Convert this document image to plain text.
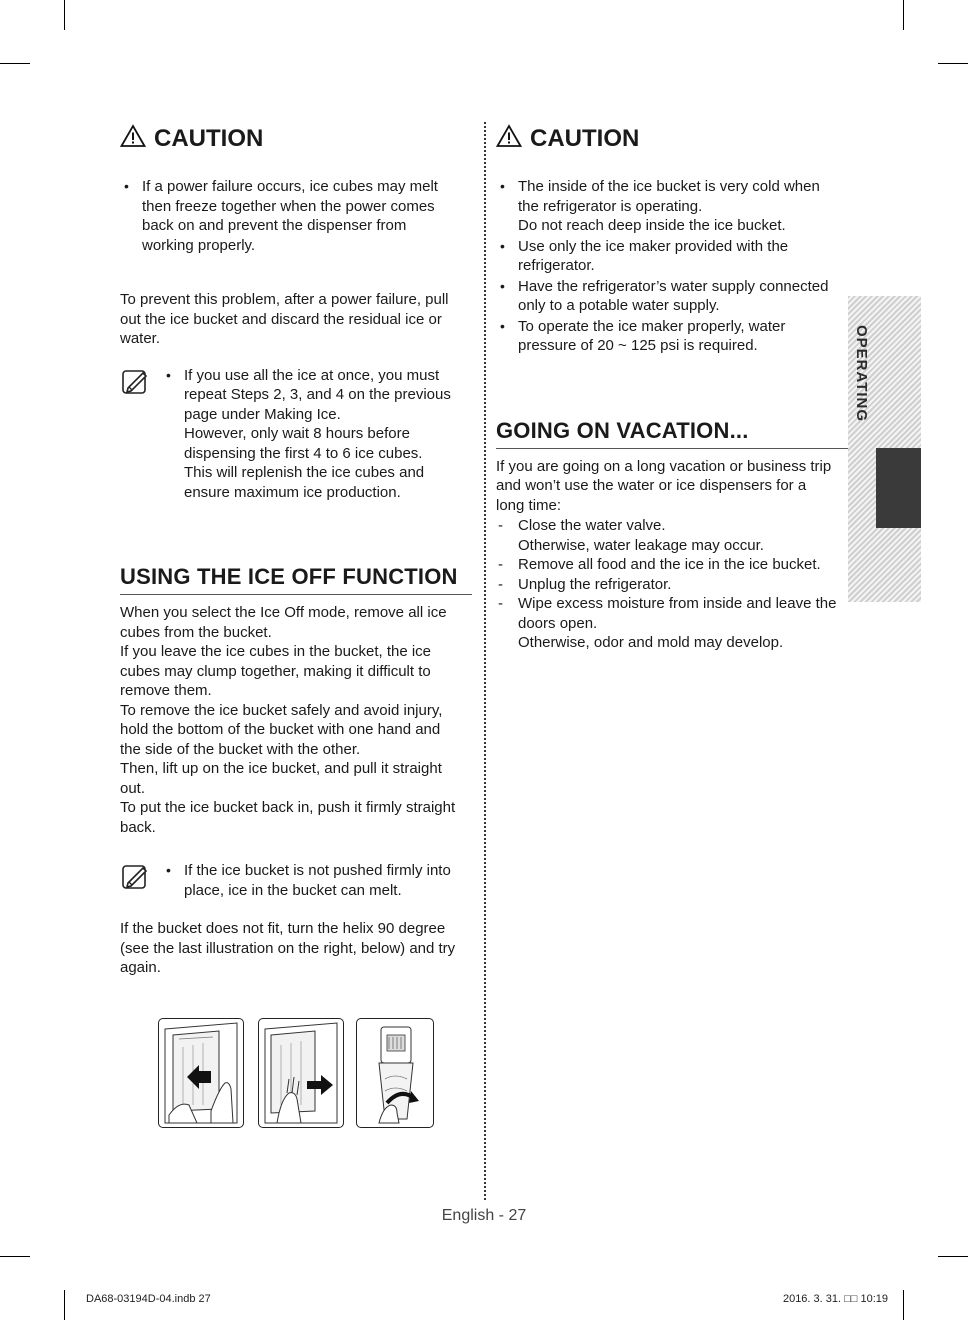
CAUTION
• If a power failure occurs, ice cubes may melt
then freeze together when the power comes
back on and prevent the dispenser from
working properly.

To prevent this problem, after a power failure, pull
out the ice bucket and discard the residual ice or
water.

• If you use all the ice at once, you must
repeat Steps 2, 3, and 4 on the previous
page under Making Ice.
However, only wait 8 hours before
dispensing the first 4 to 6 ice cubes.
This will replenish the ice cubes and
ensure maximum ice production.
USING THE ICE OFF FUNCTION

When you select the Ice Off mode, remove all ice
cubes from the bucket.
If you leave the ice cubes in the bucket, the ice
cubes may clump together, making it difficult to
remove them.
To remove the ice bucket safely and avoid injury,
hold the bottom of the bucket with one hand and
the side of the bucket with the other.
Then, lift up on the ice bucket, and pull it straight
out.
To put the ice bucket back in, push it firmly straight
back.

• If the ice bucket is not pushed firmly into
place, ice in the bucket can melt.

If the bucket does not fit, turn the helix 90 degree
(see the last illustration on the right, below) and try
again.

CAUTION
• The inside of the ice bucket is very cold when
the refrigerator is operating.
Do not reach deep inside the ice bucket.
• Use only the ice maker provided with the
refrigerator.
• Have the refrigerator’s water supply connected
only to a potable water supply.
• To operate the ice maker properly, water
pressure of 20 ~ 125 psi is required.
GOING ON VACATION...

If you are going on a long vacation or business trip
and won’t use the water or ice dispensers for a
long time:

- Close the water valve.
Otherwise, water leakage may occur.
- Remove all food and the ice in the ice bucket.
- Unplug the refrigerator.
- Wipe excess moisture from inside and leave the
doors open.
Otherwise, odor and mold may develop.
OPERATING
English - 27
DA68-03194D-04.indb 27	2016. 3. 31. □□ 10:19
